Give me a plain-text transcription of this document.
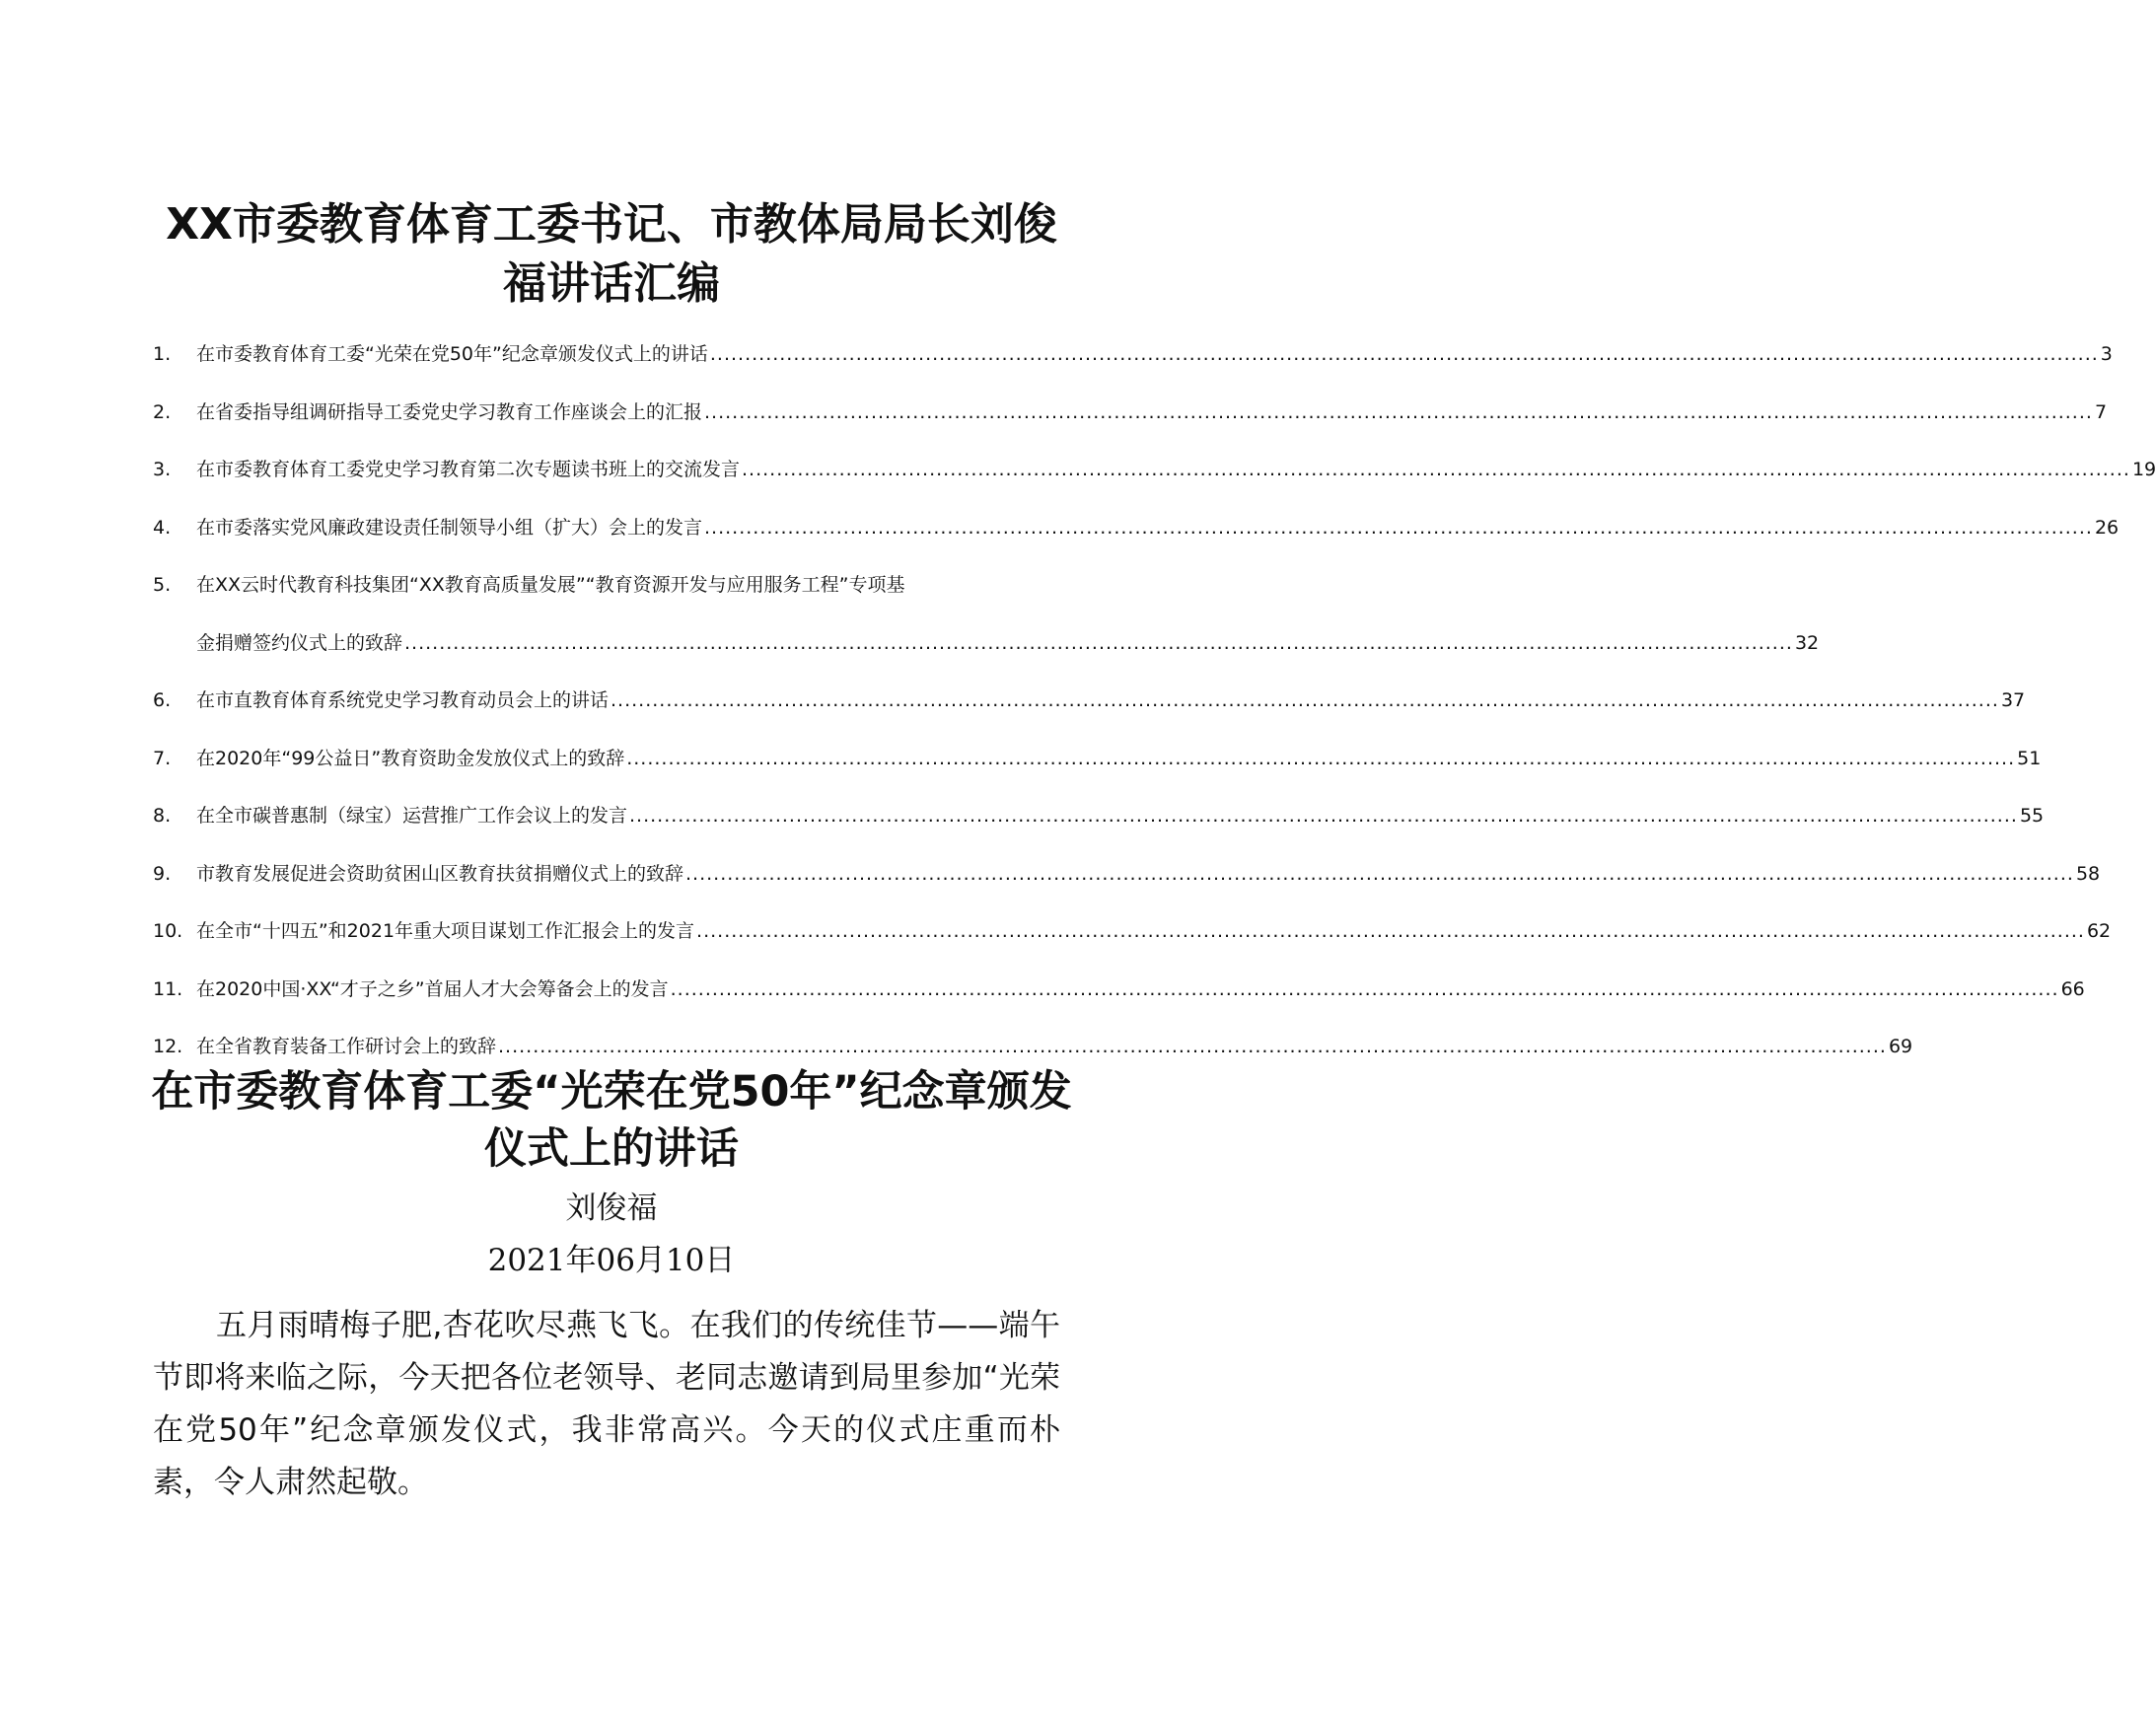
XX市委教育体育工委书记、市教体局局长刘俊福讲话汇编
1.	在市委教育体育工委“光荣在党50年”纪念章颁发仪式上的讲话 ........................................................................................................................................................................................................ 3
2.	在省委指导组调研指导工委党史学习教育工作座谈会上的汇报 ........................................................................................................................................................................................................ 7
3.	在市委教育体育工委党史学习教育第二次专题读书班上的交流发言 ........................................................................................................................................................................................................ 19
4.	在市委落实党风廉政建设责任制领导小组（扩大）会上的发言 ........................................................................................................................................................................................................ 26
5.	在XX云时代教育科技集团“XX教育高质量发展”“教育资源开发与应用服务工程”专项基
金捐赠签约仪式上的致辞 ........................................................................................................................................................................................................ 32
6.	在市直教育体育系统党史学习教育动员会上的讲话 ........................................................................................................................................................................................................ 37
7.	在2020年“99公益日”教育资助金发放仪式上的致辞 ........................................................................................................................................................................................................ 51
8.	在全市碳普惠制（绿宝）运营推广工作会议上的发言 ........................................................................................................................................................................................................ 55
9.	市教育发展促进会资助贫困山区教育扶贫捐赠仪式上的致辞 ........................................................................................................................................................................................................ 58
10. 在全市“十四五”和2021年重大项目谋划工作汇报会上的发言 ........................................................................................................................................................................................................ 62
11. 在2020中国·XX“才子之乡”首届人才大会筹备会上的发言 ........................................................................................................................................................................................................ 66
12. 在全省教育装备工作研讨会上的致辞 ........................................................................................................................................................................................................ 69
在市委教育体育工委“光荣在党50年”纪念章颁发仪式上的讲话
刘俊福
2021年06月10日

五月雨晴梅子肥,杏花吹尽燕飞飞。在我们的传统佳节——端午节即将来临之际，今天把各位老领导、老同志邀请到局里参加“光荣在党50年”纪念章颁发仪式，我非常高兴。今天的仪式庄重而朴素，令人肃然起敬。
